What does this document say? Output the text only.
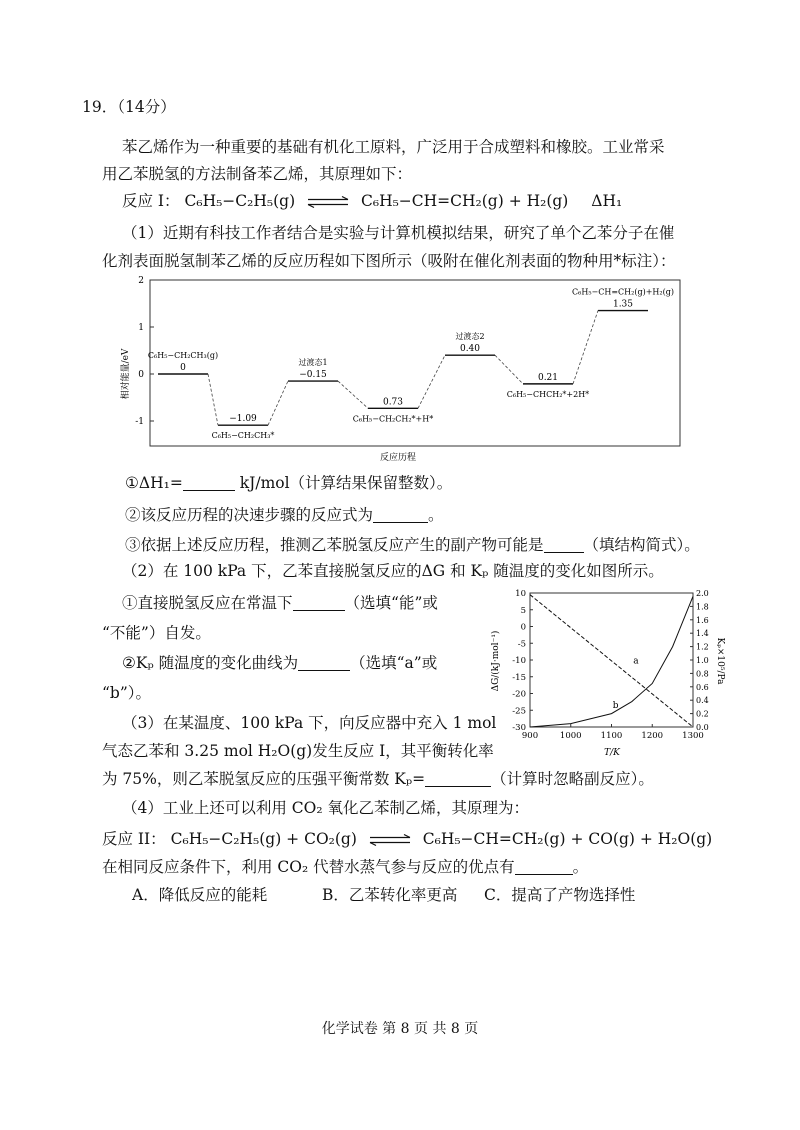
19．（14分）
苯乙烯作为一种重要的基础有机化工原料，广泛用于合成塑料和橡胶。工业常采
用乙苯脱氢的方法制备苯乙烯，其原理如下：
反应 I： C₆H₅−C₂H₅(g) ⇌ C₆H₅−CH=CH₂(g) + H₂(g) ΔH₁
（1）近期有科技工作者结合是实验与计算机模拟结果，研究了单个乙苯分子在催
化剂表面脱氢制苯乙烯的反应历程如下图所示（吸附在催化剂表面的物种用*标注）：
2
1
0
-1
0
C₆H₅−CH₂CH₃(g)
−1.09
C₆H₅−CH₂CH₃*
−0.15
过渡态1
0.73
C₆H₅−CH₂CH₂*+H*
0.40
过渡态2
0.21
C₆H₅−CHCH₂*+2H*
1.35
C₆H₅−CH=CH₂(g)+H₂(g)
相对能量/eV
反应历程
①ΔH₁=	kJ/mol（计算结果保留整数）。
②该反应历程的决速步骤的反应式为	。
③依据上述反应历程，推测乙苯脱氢反应产生的副产物可能是	（填结构简式）。
（2）在 100 kPa 下，乙苯直接脱氢反应的ΔG 和 Kₚ 随温度的变化如图所示。
①直接脱氢反应在常温下	（选填“能”或
“不能”）自发。
②Kₚ 随温度的变化曲线为	（选填“a”或
“b”）。
10
5
0
-5
-10
-15
-20
-25
-30
2.0
1.8
1.6
1.4
1.2
1.0
0.8
0.6
0.4
0.2
0.0
900	1000 1100 1200 1300
a
b
ΔG/(kJ·mol⁻¹)	Kₚ×10⁵/Pa
T/K
（3）在某温度、100 kPa 下，向反应器中充入 1 mol
气态乙苯和 3.25 mol H₂O(g)发生反应 I，其平衡转化率
为 75%，则乙苯脱氢反应的压强平衡常数 Kₚ=	（计算时忽略副反应）。
（4）工业上还可以利用 CO₂ 氧化乙苯制乙烯，其原理为：
反应 II： C₆H₅−C₂H₅(g) + CO₂(g) ⇌ C₆H₅−CH=CH₂(g) + CO(g) + H₂O(g)
在相同反应条件下，利用 CO₂ 代替水蒸气参与反应的优点有	。
A．降低反应的能耗	B．乙苯转化率更高 C．提高了产物选择性
化学试卷 第 8 页 共 8 页
